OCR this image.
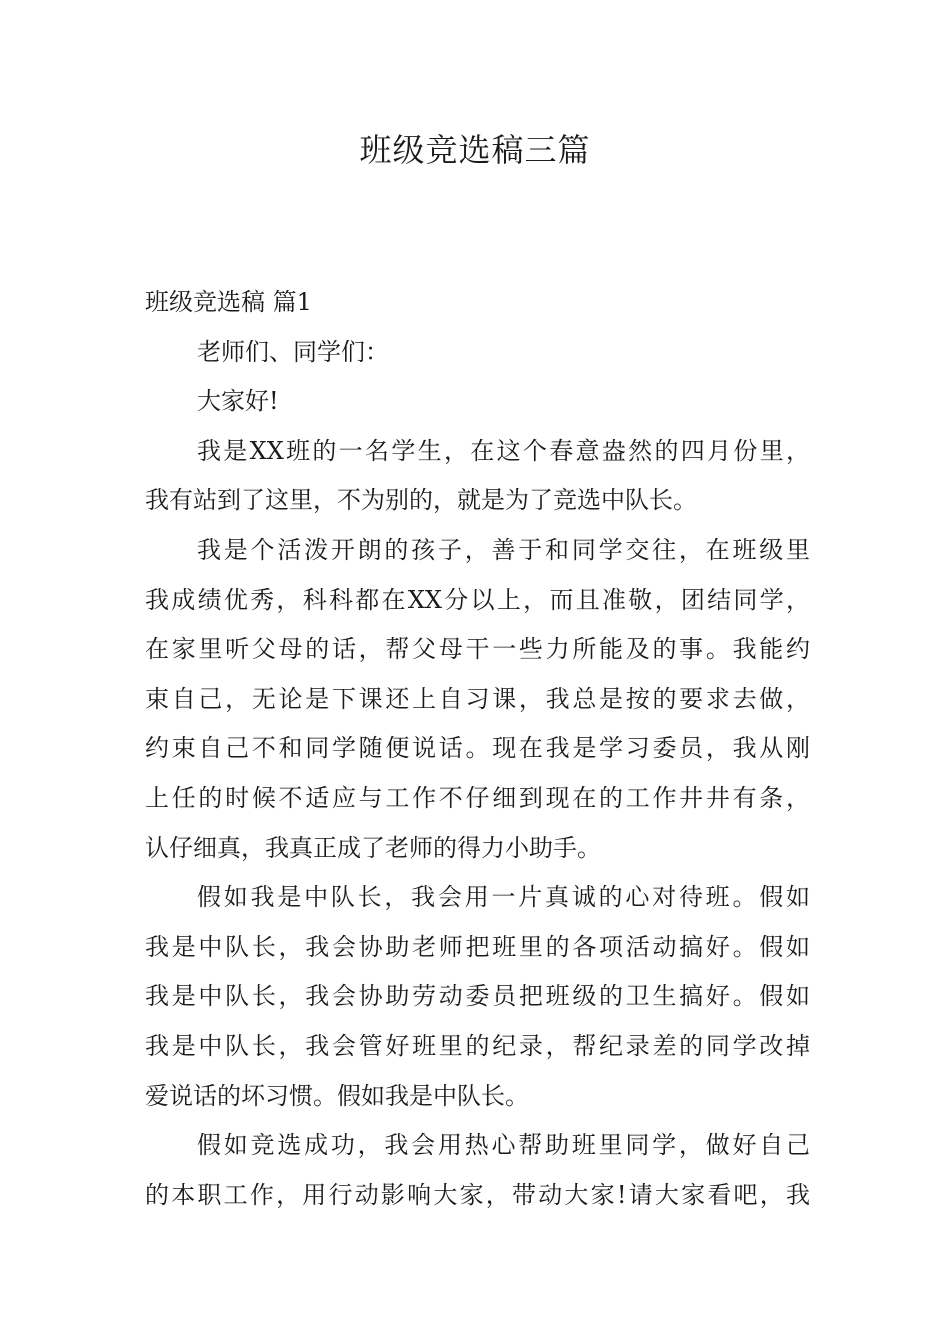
班级竞选稿三篇

班级竞选稿 篇1

老师们、同学们：

大家好!

我是XX班的一名学生，在这个春意盎然的四月份里，

我有站到了这里，不为别的，就是为了竞选中队长。

我是个活泼开朗的孩子，善于和同学交往，在班级里

我成绩优秀，科科都在XX分以上，而且准敬，团结同学，

在家里听父母的话，帮父母干一些力所能及的事。我能约

束自己，无论是下课还上自习课，我总是按的要求去做，

约束自己不和同学随便说话。现在我是学习委员，我从刚

上任的时候不适应与工作不仔细到现在的工作井井有条，

认仔细真，我真正成了老师的得力小助手。

假如我是中队长，我会用一片真诚的心对待班。假如

我是中队长，我会协助老师把班里的各项活动搞好。假如

我是中队长，我会协助劳动委员把班级的卫生搞好。假如

我是中队长，我会管好班里的纪录，帮纪录差的同学改掉

爱说话的坏习惯。假如我是中队长。

假如竞选成功，我会用热心帮助班里同学，做好自己

的本职工作，用行动影响大家，带动大家!请大家看吧，我
